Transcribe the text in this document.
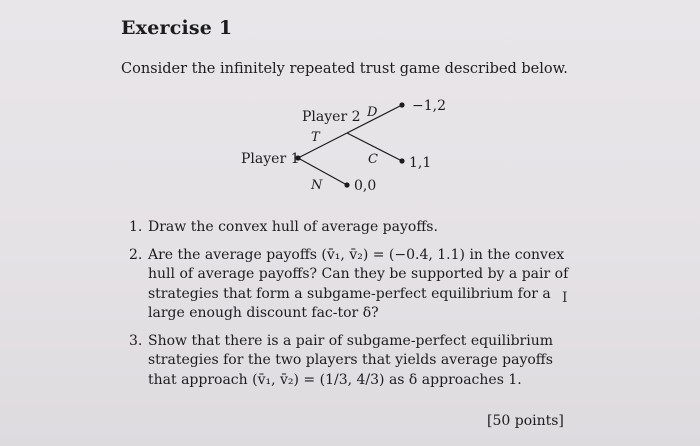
Exercise 1
Consider the infinitely repeated trust game described below.
Player 2
Player 1
T
N
D
C
−1,2
1,1
0,0
1. Draw the convex hull of average payoffs.
2. Are the average payoffs (v̄₁, v̄₂) = (−0.4, 1.1) in the convex hull of average payoffs? Can they be supported by a pair of strategies that form a subgame-perfect equilibrium for a large enough discount fac-tor δ?
3. Show that there is a pair of subgame-perfect equilibrium strategies for the two players that yields average payoffs that approach (v̄₁, v̄₂) = (1/3, 4/3) as δ approaches 1.
I
[50 points]
